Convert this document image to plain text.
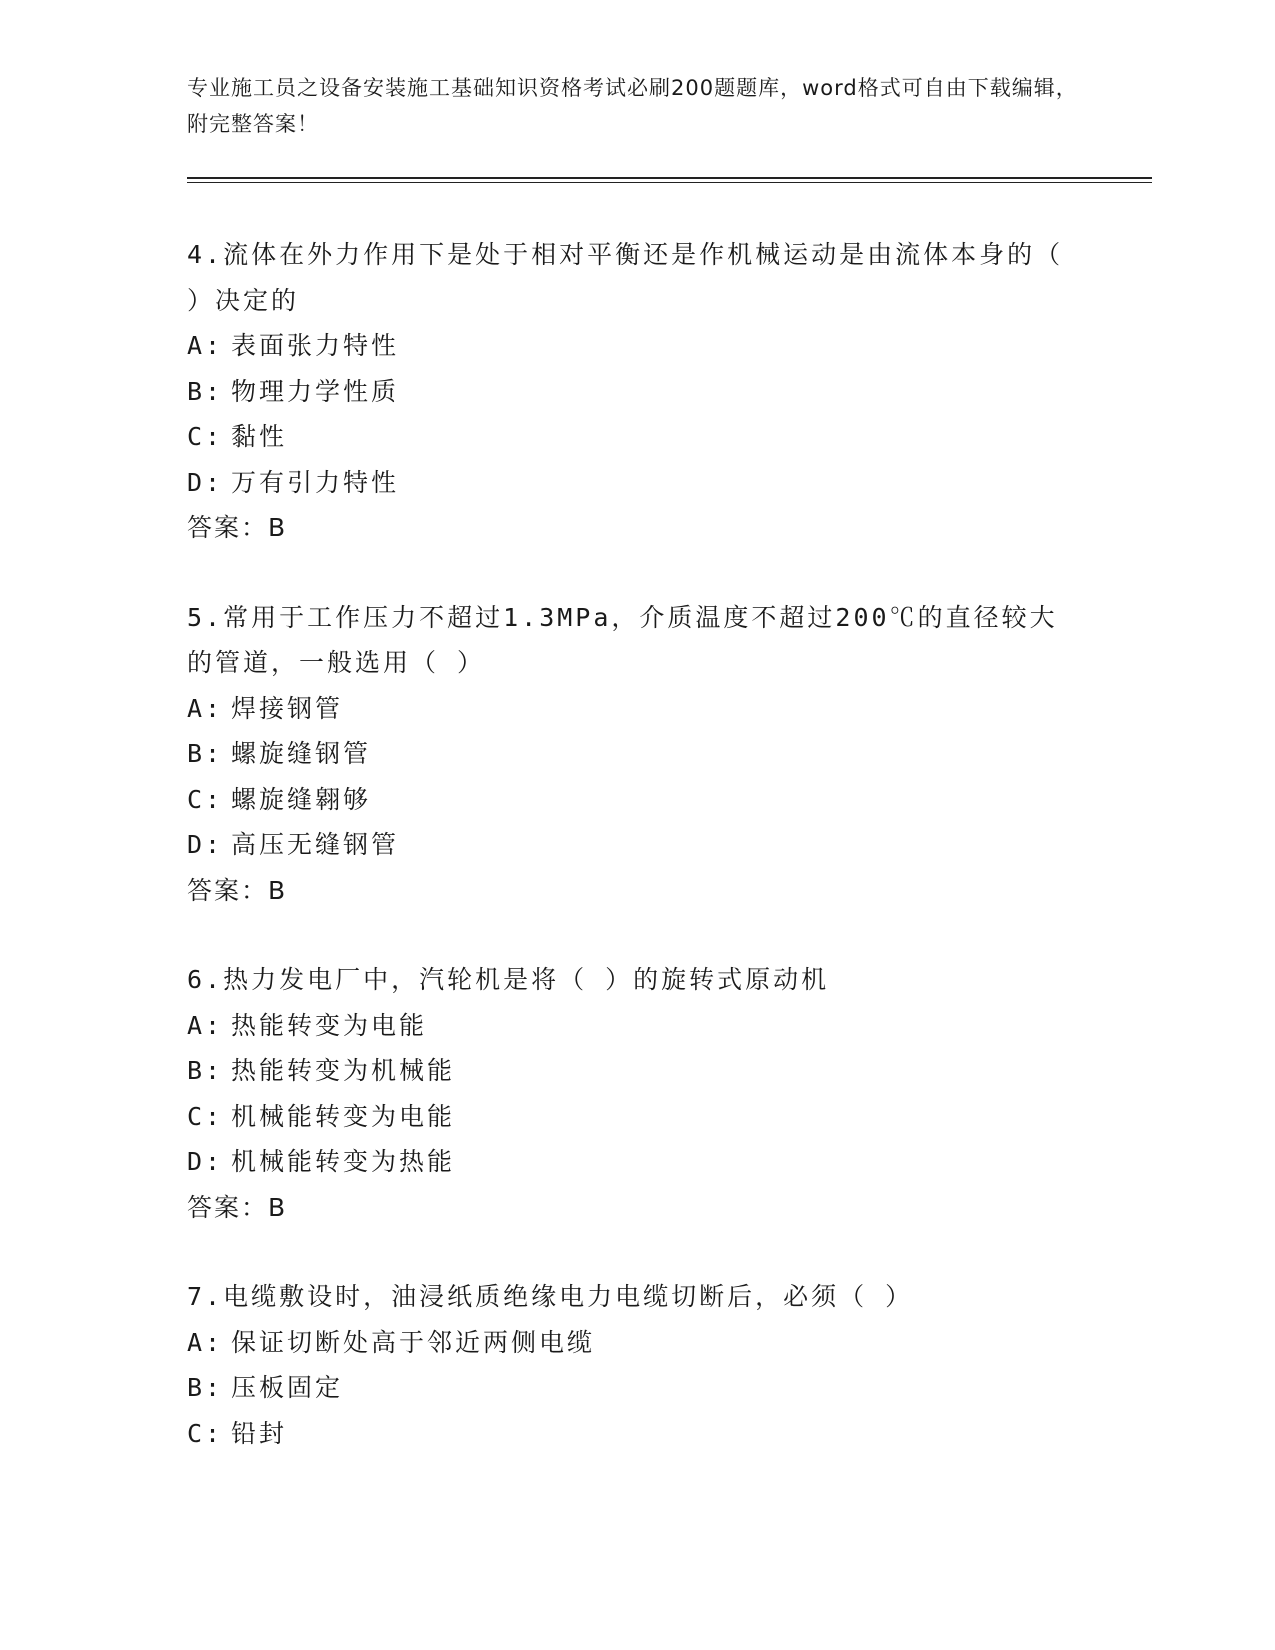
专业施工员之设备安装施工基础知识资格考试必刷200题题库，word格式可自由下载编辑，附完整答案！

4.流体在外力作用下是处于相对平衡还是作机械运动是由流体本身的（ ）决定的

A: 表面张力特性

B: 物理力学性质

C: 黏性

D: 万有引力特性

答案：B

5.常用于工作压力不超过1.3MPa，介质温度不超过200℃的直径较大的管道，一般选用（ ）

A: 焊接钢管

B: 螺旋缝钢管

C: 螺旋缝翱够

D: 高压无缝钢管

答案：B

6.热力发电厂中，汽轮机是将（ ）的旋转式原动机

A: 热能转变为电能

B: 热能转变为机械能

C: 机械能转变为电能

D: 机械能转变为热能

答案：B

7.电缆敷设时，油浸纸质绝缘电力电缆切断后，必须（ ）

A: 保证切断处高于邻近两侧电缆

B: 压板固定

C: 铅封
